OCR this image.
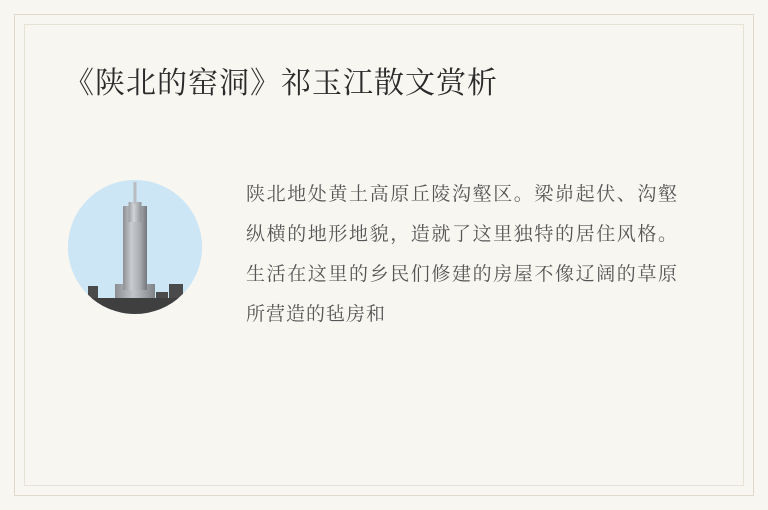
《陕北的窑洞》祁玉江散文赏析
陕北地处黄土高原丘陵沟壑区。梁峁起伏、沟壑纵横的地形地貌，造就了这里独特的居住风格。生活在这里的乡民们修建的房屋不像辽阔的草原所营造的毡房和
